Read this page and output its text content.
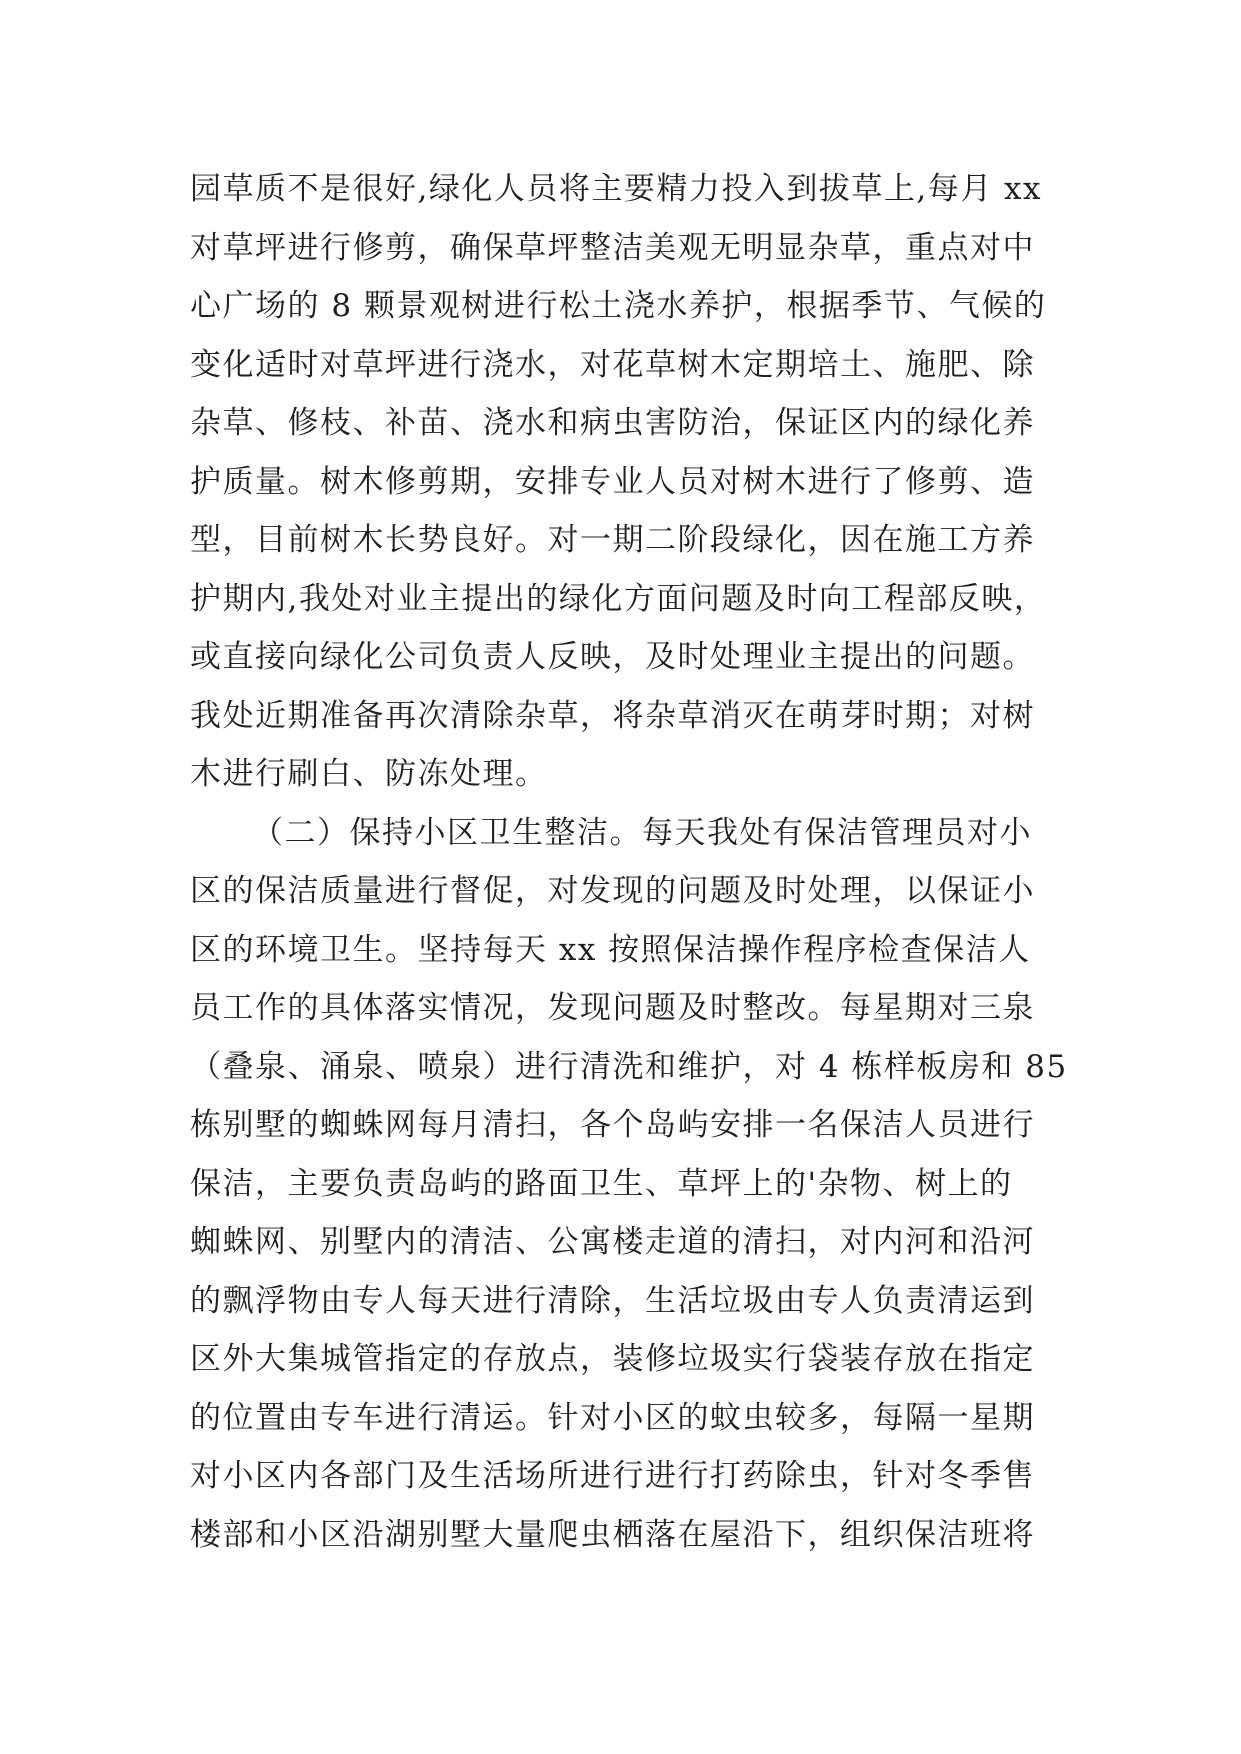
园草质不是很好,绿化人员将主要精力投入到拔草上,每月 xx
对草坪进行修剪，确保草坪整洁美观无明显杂草，重点对中
心广场的 8 颗景观树进行松土浇水养护，根据季节、气候的
变化适时对草坪进行浇水，对花草树木定期培土、施肥、除
杂草、修枝、补苗、浇水和病虫害防治，保证区内的绿化养
护质量。树木修剪期，安排专业人员对树木进行了修剪、造
型，目前树木长势良好。对一期二阶段绿化，因在施工方养
护期内,我处对业主提出的绿化方面问题及时向工程部反映，
或直接向绿化公司负责人反映，及时处理业主提出的问题。
我处近期准备再次清除杂草，将杂草消灭在萌芽时期；对树
木进行刷白、防冻处理。
（二）保持小区卫生整洁。每天我处有保洁管理员对小
区的保洁质量进行督促，对发现的问题及时处理，以保证小
区的环境卫生。坚持每天 xx 按照保洁操作程序检查保洁人
员工作的具体落实情况，发现问题及时整改。每星期对三泉
（叠泉、涌泉、喷泉）进行清洗和维护，对 4 栋样板房和 85
栋别墅的蜘蛛网每月清扫，各个岛屿安排一名保洁人员进行
保洁，主要负责岛屿的路面卫生、草坪上的'杂物、树上的
蜘蛛网、别墅内的清洁、公寓楼走道的清扫，对内河和沿河
的飘浮物由专人每天进行清除，生活垃圾由专人负责清运到
区外大集城管指定的存放点，装修垃圾实行袋装存放在指定
的位置由专车进行清运。针对小区的蚊虫较多，每隔一星期
对小区内各部门及生活场所进行进行打药除虫，针对冬季售
楼部和小区沿湖别墅大量爬虫栖落在屋沿下，组织保洁班将
